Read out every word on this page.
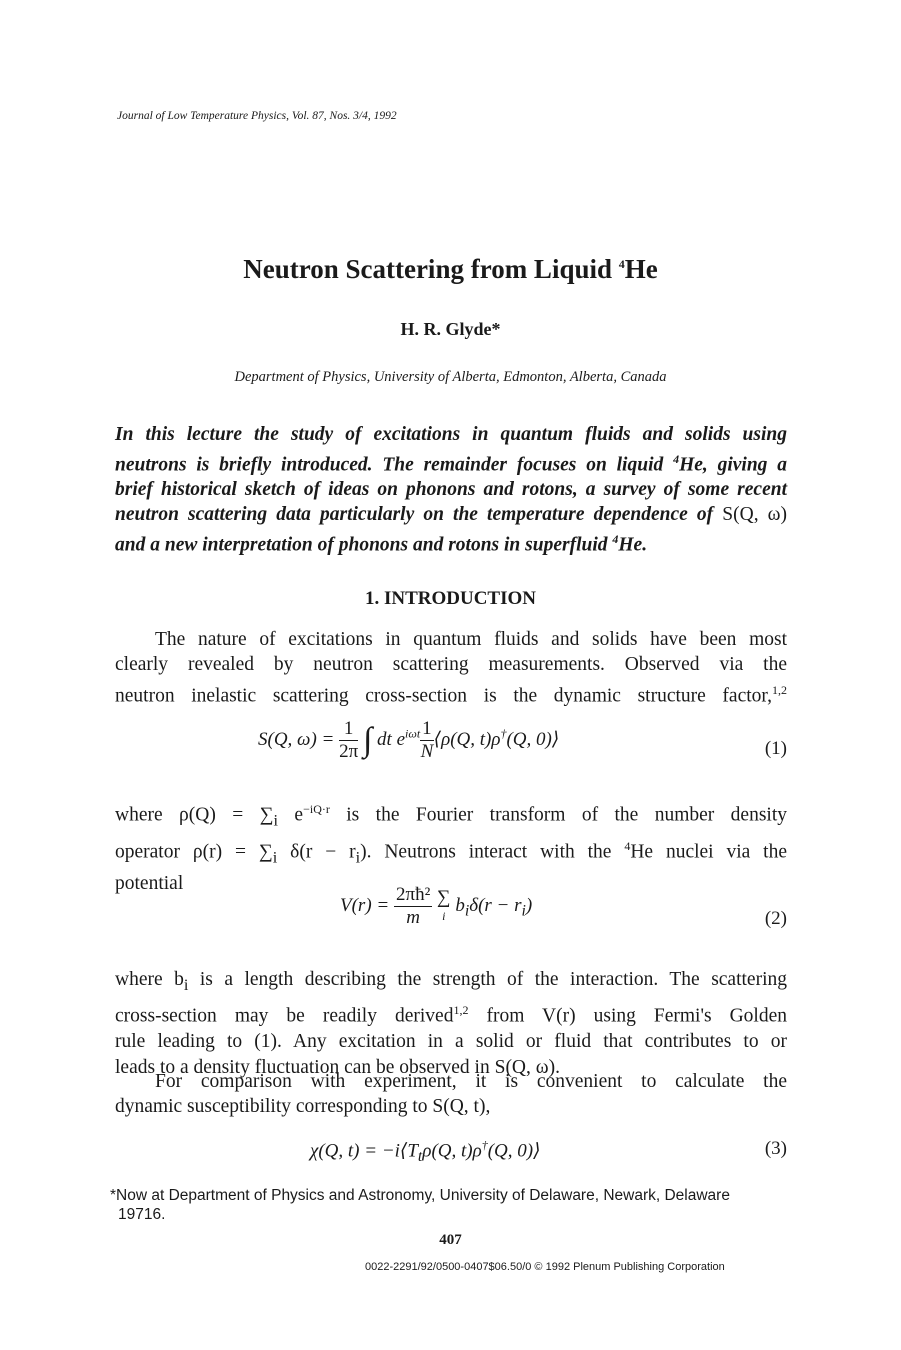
Journal of Low Temperature Physics, Vol. 87, Nos. 3/4, 1992
Neutron Scattering from Liquid $^4$He
H. R. Glyde*
Department of Physics, University of Alberta, Edmonton, Alberta, Canada
In this lecture the study of excitations in quantum fluids and solids using
neutrons is briefly introduced. The remainder focuses on liquid $^4$He, giving a
brief historical sketch of ideas on phonons and rotons, a survey of some recent
neutron scattering data particularly on the temperature dependence of S(Q, ω)
and a new interpretation of phonons and rotons in superfluid $^4$He.
1. INTRODUCTION
The nature of excitations in quantum fluids and solids have been most
clearly revealed by neutron scattering measurements. Observed via the
neutron inelastic scattering cross-section is the dynamic structure factor,$^{1,2}$
S(Q, $\omega) = \frac{1}{2\pi}$ ∫ dt $e^{i\omega t} \frac{1}{N}$ ⟨ρ(Q, t)ρ†(Q, 0)⟩	(1)
where $\rho(Q) = \sum_i$ $e^{-iQ\cdot r}$ is the Fourier transform of the number density
operator $\rho(r) = \sum_i$ $\delta(r - r_i)$. Neutrons interact with the $^4$He nuclei via the
potential
$V(r) = \frac{\text{2πħ²}}{m}$
∑
i $b_i\delta(r - r_i)$
(2)
where $b_i$ is a length describing the strength of the interaction. The scattering
cross-section may be readily derived$^{1,2}$ from V(r) using Fermi's Golden
rule leading to (1). Any excitation in a solid or fluid that contributes to or
leads to a density fluctuation can be observed in S(Q, ω).
For comparison with experiment, it is convenient to calculate the
dynamic susceptibility corresponding to S(Q, t),
χ(Q, $t) = -i⟨T_t\rho(Q$, t)ρ†(Q, 0)⟩	(3)
*Now at Department of Physics and Astronomy, University of Delaware, Newark, Delaware
19716.
407
0022-2291/92/0500-0407$06.50/0 © 1992 Plenum Publishing Corporation
